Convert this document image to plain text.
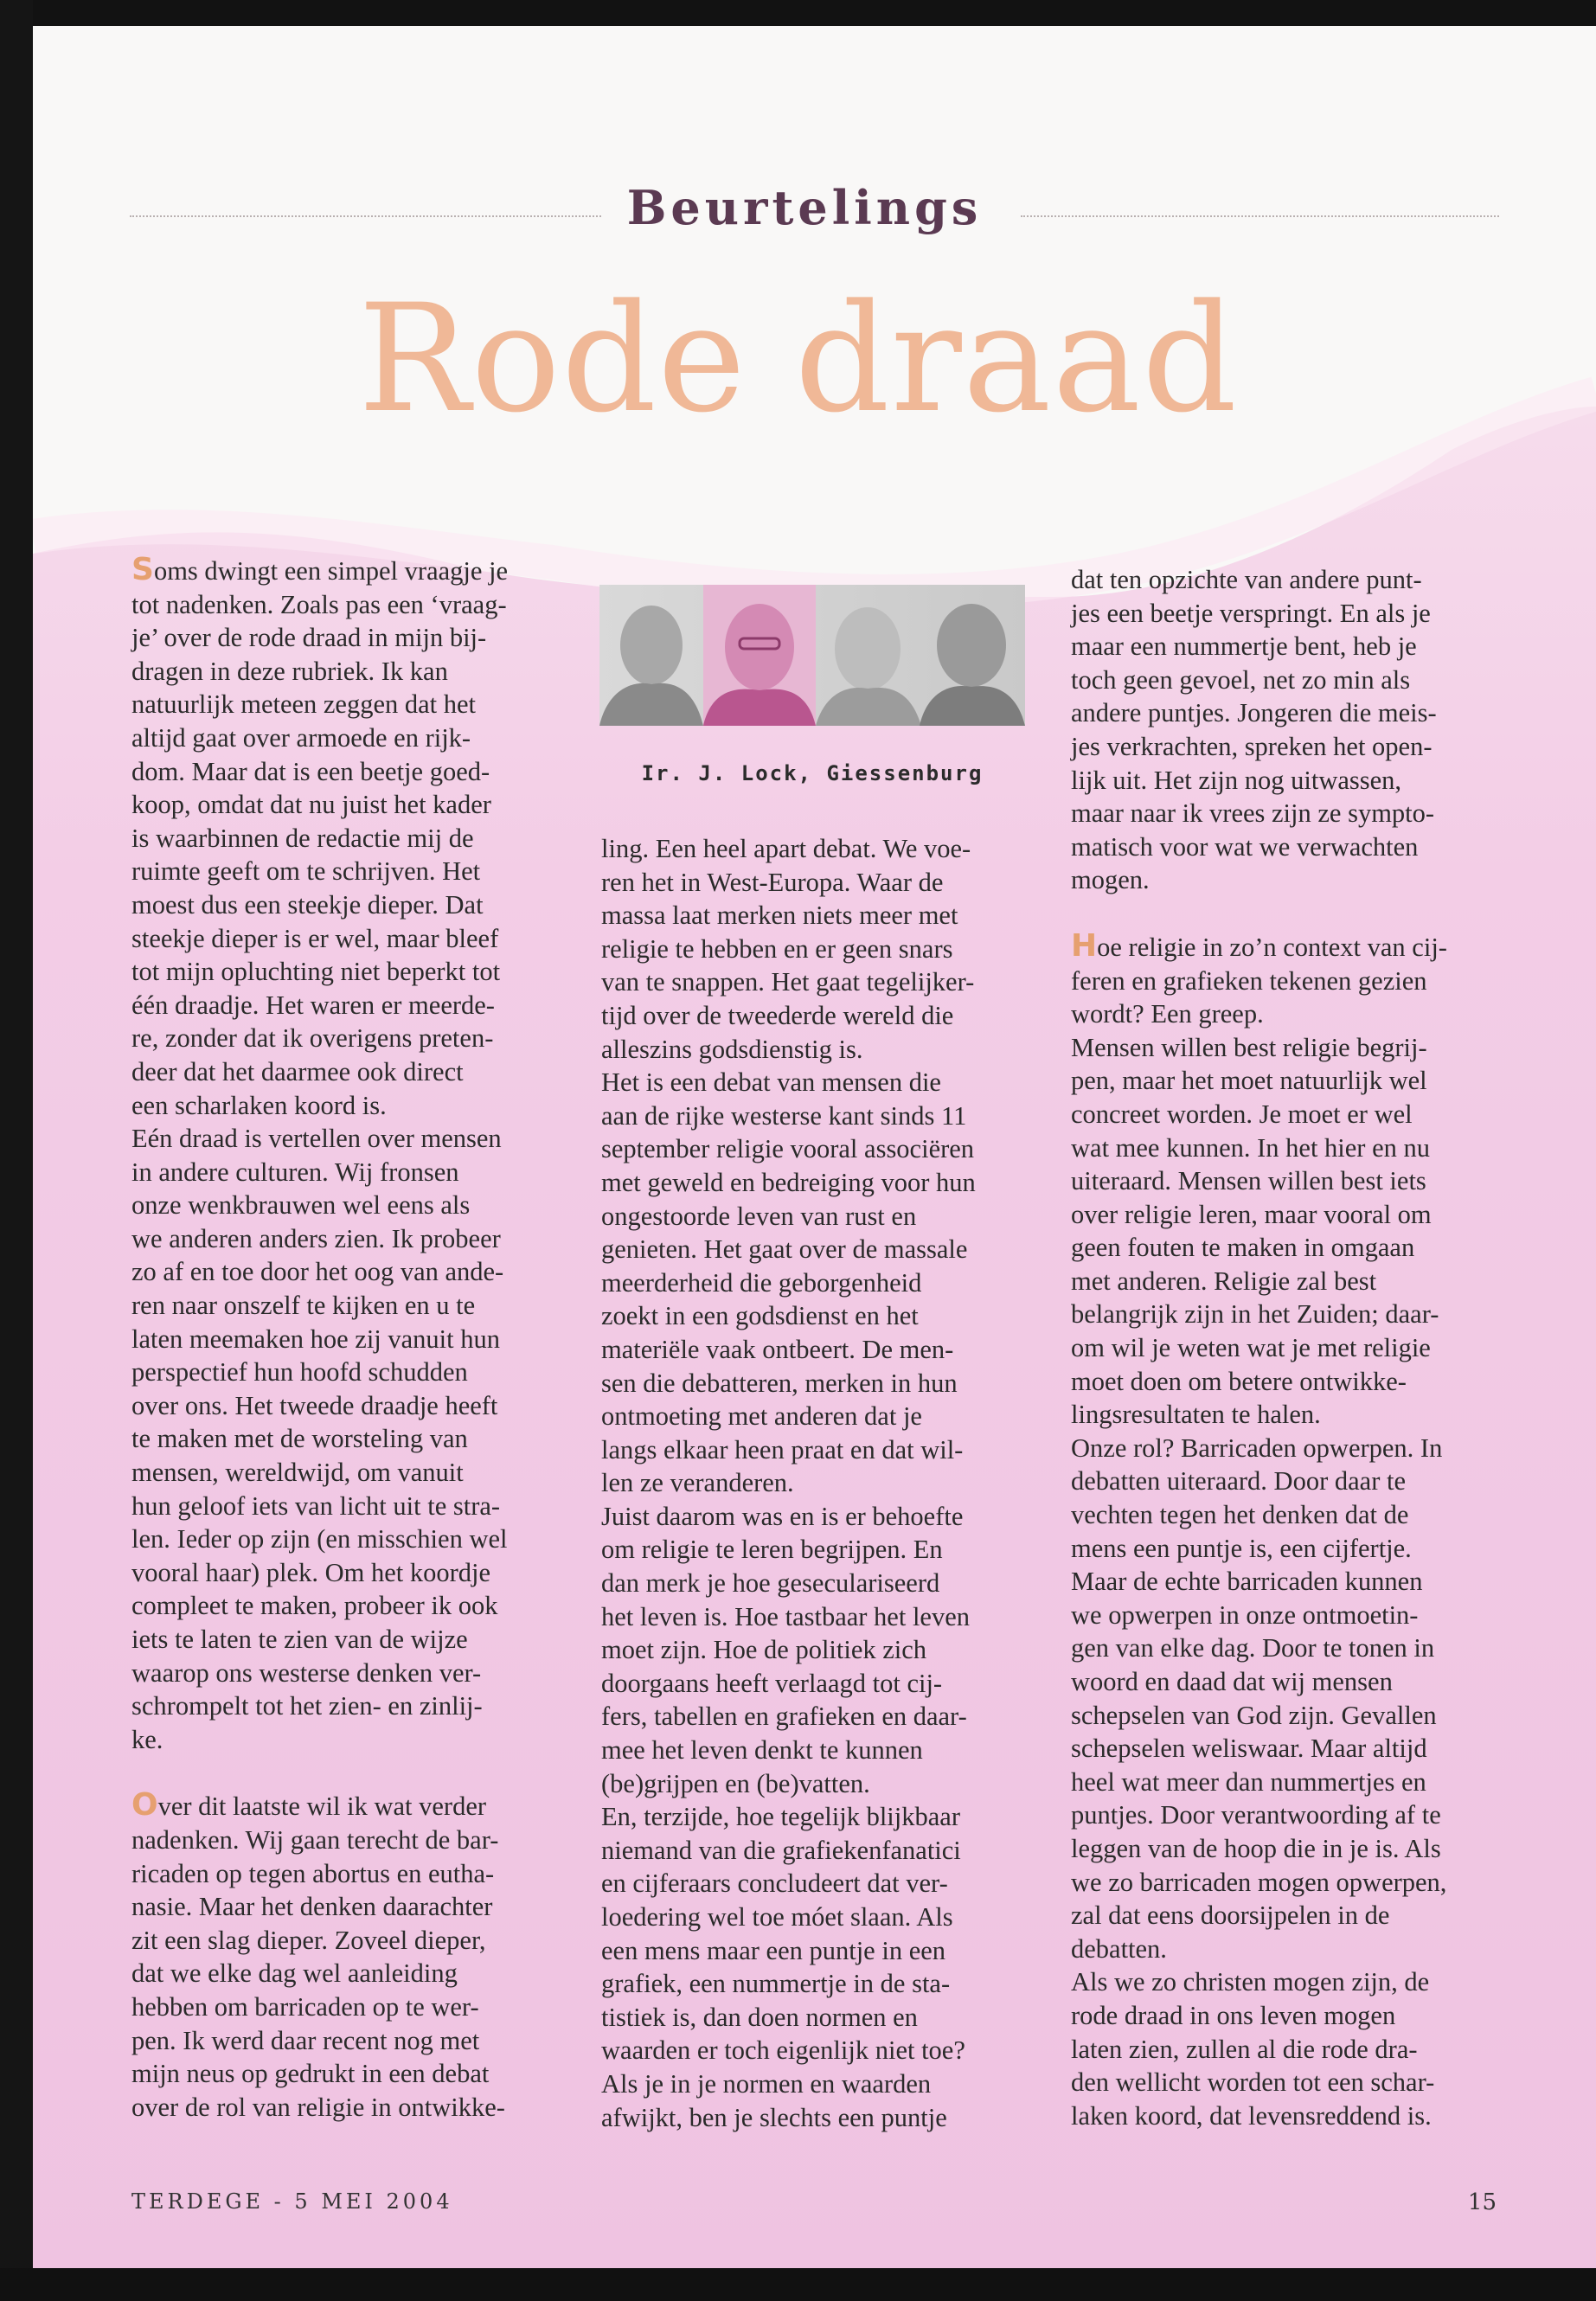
Beurtelings
Rode draad

Soms dwingt een simpel vraagje je
tot nadenken. Zoals pas een ‘vraag-
je’ over de rode draad in mijn bij-
dragen in deze rubriek. Ik kan
natuurlijk meteen zeggen dat het
altijd gaat over armoede en rijk-
dom. Maar dat is een beetje goed-
koop, omdat dat nu juist het kader
is waarbinnen de redactie mij de
ruimte geeft om te schrijven. Het
moest dus een steekje dieper. Dat
steekje dieper is er wel, maar bleef
tot mijn opluchting niet beperkt tot
één draadje. Het waren er meerde-
re, zonder dat ik overigens preten-
deer dat het daarmee ook direct
een scharlaken koord is.

Eén draad is vertellen over mensen
in andere culturen. Wij fronsen
onze wenkbrauwen wel eens als
we anderen anders zien. Ik probeer
zo af en toe door het oog van ande-
ren naar onszelf te kijken en u te
laten meemaken hoe zij vanuit hun
perspectief hun hoofd schudden
over ons. Het tweede draadje heeft
te maken met de worsteling van
mensen, wereldwijd, om vanuit
hun geloof iets van licht uit te stra-
len. Ieder op zijn (en misschien wel
vooral haar) plek. Om het koordje
compleet te maken, probeer ik ook
iets te laten te zien van de wijze
waarop ons westerse denken ver-
schrompelt tot het zien- en zinlij-
ke.

Over dit laatste wil ik wat verder
nadenken. Wij gaan terecht de bar-
ricaden op tegen abortus en eutha-
nasie. Maar het denken daarachter
zit een slag dieper. Zoveel dieper,
dat we elke dag wel aanleiding
hebben om barricaden op te wer-
pen. Ik werd daar recent nog met
mijn neus op gedrukt in een debat
over de rol van religie in ontwikke-

Ir. J. Lock, Giessenburg

ling. Een heel apart debat. We voe-
ren het in West-Europa. Waar de
massa laat merken niets meer met
religie te hebben en er geen snars
van te snappen. Het gaat tegelijker-
tijd over de tweederde wereld die
alleszins godsdienstig is.

Het is een debat van mensen die
aan de rijke westerse kant sinds 11
september religie vooral associëren
met geweld en bedreiging voor hun
ongestoorde leven van rust en
genieten. Het gaat over de massale
meerderheid die geborgenheid
zoekt in een godsdienst en het
materiële vaak ontbeert. De men-
sen die debatteren, merken in hun
ontmoeting met anderen dat je
langs elkaar heen praat en dat wil-
len ze veranderen.

Juist daarom was en is er behoefte
om religie te leren begrijpen. En
dan merk je hoe geseculariseerd
het leven is. Hoe tastbaar het leven
moet zijn. Hoe de politiek zich
doorgaans heeft verlaagd tot cij-
fers, tabellen en grafieken en daar-
mee het leven denkt te kunnen
(be)grijpen en (be)vatten.

En, terzijde, hoe tegelijk blijkbaar
niemand van die grafiekenfanatici
en cijferaars concludeert dat ver-
loedering wel toe móet slaan. Als
een mens maar een puntje in een
grafiek, een nummertje in de sta-
tistiek is, dan doen normen en
waarden er toch eigenlijk niet toe?
Als je in je normen en waarden
afwijkt, ben je slechts een puntje

dat ten opzichte van andere punt-
jes een beetje verspringt. En als je
maar een nummertje bent, heb je
toch geen gevoel, net zo min als
andere puntjes. Jongeren die meis-
jes verkrachten, spreken het open-
lijk uit. Het zijn nog uitwassen,
maar naar ik vrees zijn ze sympto-
matisch voor wat we verwachten
mogen.

Hoe religie in zo’n context van cij-
feren en grafieken tekenen gezien
wordt? Een greep.

Mensen willen best religie begrij-
pen, maar het moet natuurlijk wel
concreet worden. Je moet er wel
wat mee kunnen. In het hier en nu
uiteraard. Mensen willen best iets
over religie leren, maar vooral om
geen fouten te maken in omgaan
met anderen. Religie zal best
belangrijk zijn in het Zuiden; daar-
om wil je weten wat je met religie
moet doen om betere ontwikke-
lingsresultaten te halen.

Onze rol? Barricaden opwerpen. In
debatten uiteraard. Door daar te
vechten tegen het denken dat de
mens een puntje is, een cijfertje.
Maar de echte barricaden kunnen
we opwerpen in onze ontmoetin-
gen van elke dag. Door te tonen in
woord en daad dat wij mensen
schepselen van God zijn. Gevallen
schepselen weliswaar. Maar altijd
heel wat meer dan nummertjes en
puntjes. Door verantwoording af te
leggen van de hoop die in je is. Als
we zo barricaden mogen opwerpen,
zal dat eens doorsijpelen in de
debatten.

Als we zo christen mogen zijn, de
rode draad in ons leven mogen
laten zien, zullen al die rode dra-
den wellicht worden tot een schar-
laken koord, dat levensreddend is.

TERDEGE - 5 MEI 2004	15
